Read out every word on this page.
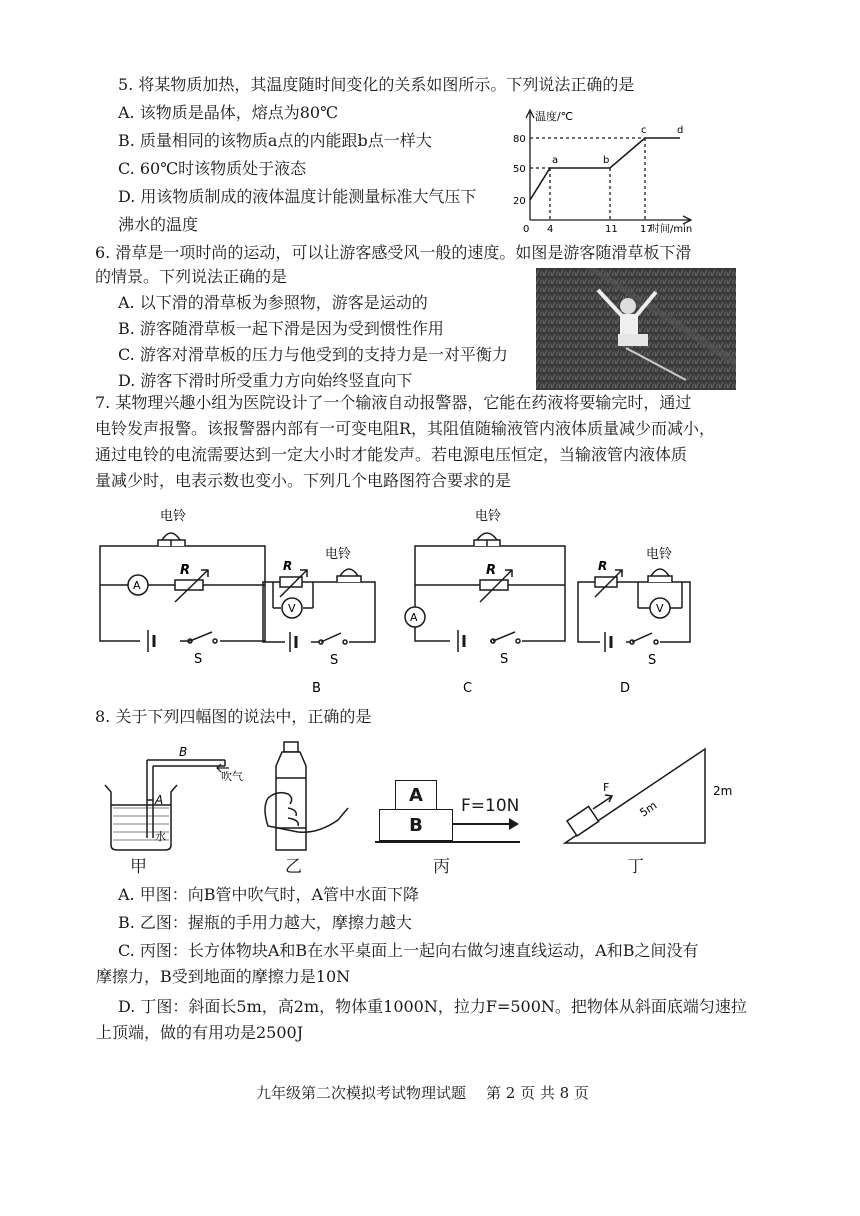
5. 将某物质加热，其温度随时间变化的关系如图所示。下列说法正确的是
A. 该物质是晶体，熔点为80℃
B. 质量相同的该物质a点的内能跟b点一样大
C. 60℃时该物质处于液态
D. 用该物质制成的液体温度计能测量标准大气压下
沸水的温度
温度/℃
时间/min
80
50
20
0 4	11 17
a	b
c	d
6. 滑草是一项时尚的运动，可以让游客感受风一般的速度。如图是游客随滑草板下滑
的情景。下列说法正确的是
A. 以下滑的滑草板为参照物，游客是运动的
B. 游客随滑草板一起下滑是因为受到惯性作用
C. 游客对滑草板的压力与他受到的支持力是一对平衡力
D. 游客下滑时所受重力方向始终竖直向下
7. 某物理兴趣小组为医院设计了一个输液自动报警器，它能在药液将要输完时，通过
电铃发声报警。该报警器内部有一可变电阻R，其阻值随输液管内液体质量减少而减小，
通过电铃的电流需要达到一定大小时才能发声。若电源电压恒定，当输液管内液体质
量减少时，电表示数也变小。下列几个电路图符合要求的是
电铃
A
R
S
电铃
R
V
S
B
电铃
A
R
S
C
电铃
R
V
S
D
8. 关于下列四幅图的说法中，正确的是
B
A
水
吹气
A
B
F=10N
F
5m
2m
甲	乙	丙	丁
A. 甲图：向B管中吹气时，A管中水面下降
B. 乙图：握瓶的手用力越大，摩擦力越大
C. 丙图：长方体物块A和B在水平桌面上一起向右做匀速直线运动，A和B之间没有
摩擦力，B受到地面的摩擦力是10N
D. 丁图：斜面长5m，高2m，物体重1000N，拉力F=500N。把物体从斜面底端匀速拉
上顶端，做的有用功是2500J
九年级第二次模拟考试物理试题 第 2 页 共 8 页
